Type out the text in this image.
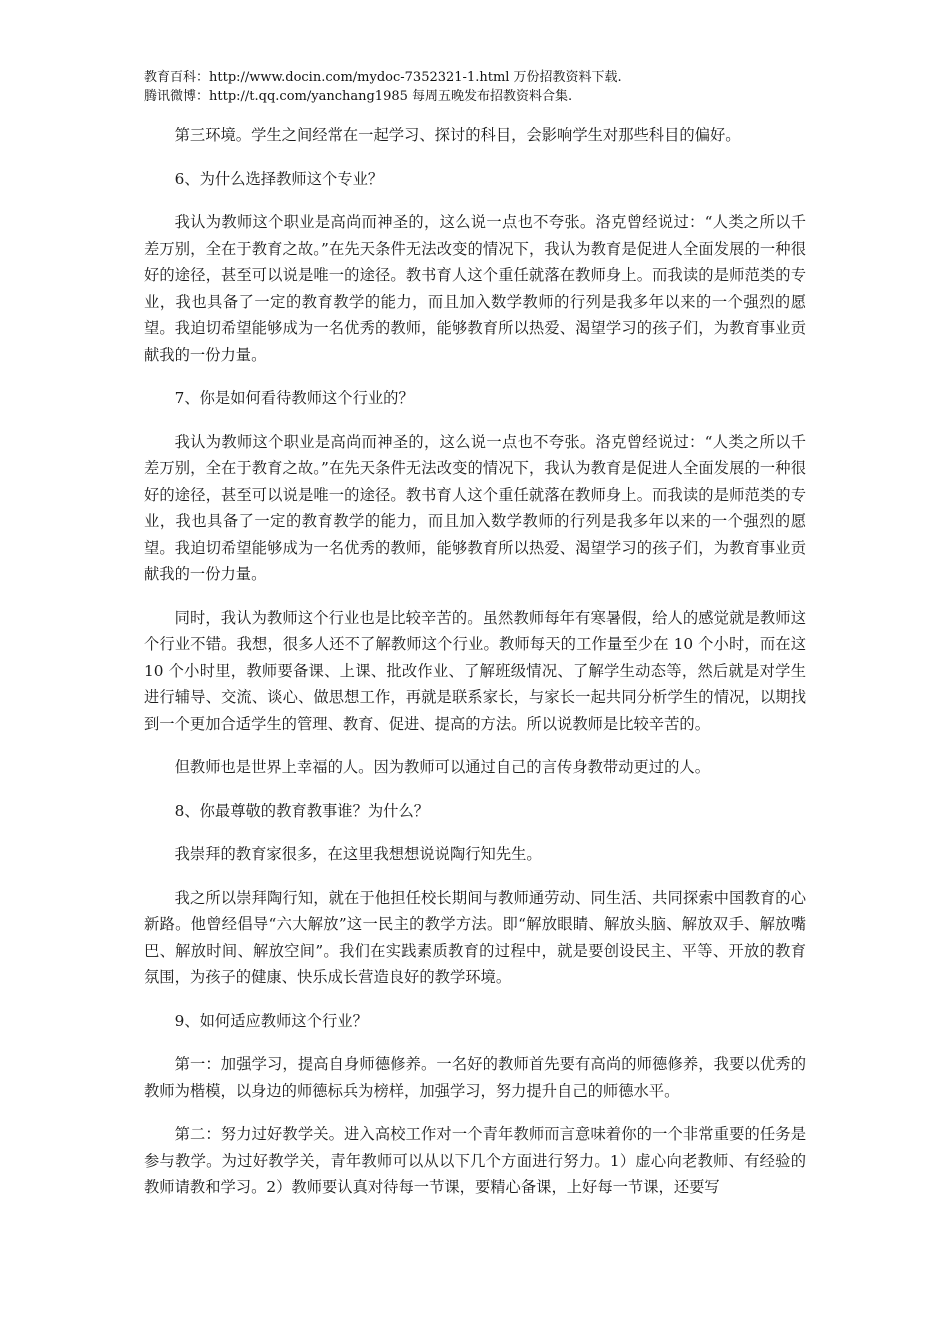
教育百科：http://www.docin.com/mydoc-7352321-1.html 万份招教资料下载.
腾讯微博：http://t.qq.com/yanchang1985 每周五晚发布招教资料合集.

第三环境。学生之间经常在一起学习、探讨的科目，会影响学生对那些科目的偏好。

6、为什么选择教师这个专业？

我认为教师这个职业是高尚而神圣的，这么说一点也不夸张。洛克曾经说过：“人类之所以千差万别，全在于教育之故。”在先天条件无法改变的情况下，我认为教育是促进人全面发展的一种很好的途径，甚至可以说是唯一的途径。教书育人这个重任就落在教师身上。而我读的是师范类的专业，我也具备了一定的教育教学的能力，而且加入数学教师的行列是我多年以来的一个强烈的愿望。我迫切希望能够成为一名优秀的教师，能够教育所以热爱、渴望学习的孩子们，为教育事业贡献我的一份力量。

7、你是如何看待教师这个行业的？

我认为教师这个职业是高尚而神圣的，这么说一点也不夸张。洛克曾经说过：“人类之所以千差万别，全在于教育之故。”在先天条件无法改变的情况下，我认为教育是促进人全面发展的一种很好的途径，甚至可以说是唯一的途径。教书育人这个重任就落在教师身上。而我读的是师范类的专业，我也具备了一定的教育教学的能力，而且加入数学教师的行列是我多年以来的一个强烈的愿望。我迫切希望能够成为一名优秀的教师，能够教育所以热爱、渴望学习的孩子们，为教育事业贡献我的一份力量。

同时，我认为教师这个行业也是比较辛苦的。虽然教师每年有寒暑假，给人的感觉就是教师这个行业不错。我想，很多人还不了解教师这个行业。教师每天的工作量至少在 10 个小时，而在这 10 个小时里，教师要备课、上课、批改作业、了解班级情况、了解学生动态等，然后就是对学生进行辅导、交流、谈心、做思想工作，再就是联系家长，与家长一起共同分析学生的情况，以期找到一个更加合适学生的管理、教育、促进、提高的方法。所以说教师是比较辛苦的。

但教师也是世界上幸福的人。因为教师可以通过自己的言传身教带动更过的人。

8、你最尊敬的教育教事谁？为什么？

我崇拜的教育家很多，在这里我想想说说陶行知先生。

我之所以崇拜陶行知，就在于他担任校长期间与教师通劳动、同生活、共同探索中国教育的心新路。他曾经倡导“六大解放”这一民主的教学方法。即“解放眼睛、解放头脑、解放双手、解放嘴巴、解放时间、解放空间”。我们在实践素质教育的过程中，就是要创设民主、平等、开放的教育氛围，为孩子的健康、快乐成长营造良好的教学环境。

9、如何适应教师这个行业？

第一：加强学习，提高自身师德修养。一名好的教师首先要有高尚的师德修养，我要以优秀的教师为楷模，以身边的师德标兵为榜样，加强学习，努力提升自己的师德水平。

第二：努力过好教学关。进入高校工作对一个青年教师而言意味着你的一个非常重要的任务是参与教学。为过好教学关，青年教师可以从以下几个方面进行努力。1）虚心向老教师、有经验的教师请教和学习。2）教师要认真对待每一节课，要精心备课，上好每一节课，还要写
